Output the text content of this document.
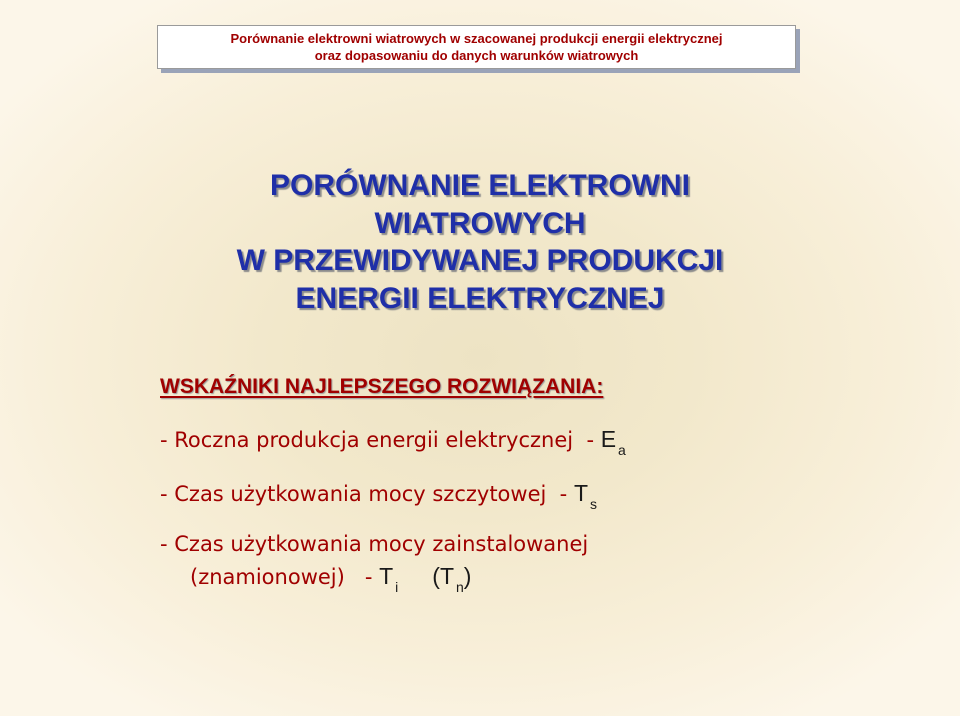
Porównanie elektrowni wiatrowych w szacowanej produkcji energii elektrycznej
oraz dopasowaniu do danych warunków wiatrowych
PORÓWNANIE ELEKTROWNI
WIATROWYCH
W PRZEWIDYWANEJ PRODUKCJI
ENERGII ELEKTRYCZNEJ
WSKAŹNIKI NAJLEPSZEGO ROZWIĄZANIA:
- Roczna produkcja energii elektrycznej  - E $_a$
- Czas użytkowania mocy szczytowej  - T $_s$
- Czas użytkowania mocy zainstalowanej
(znamionowej)   - T $_i$ (T $_n$)
